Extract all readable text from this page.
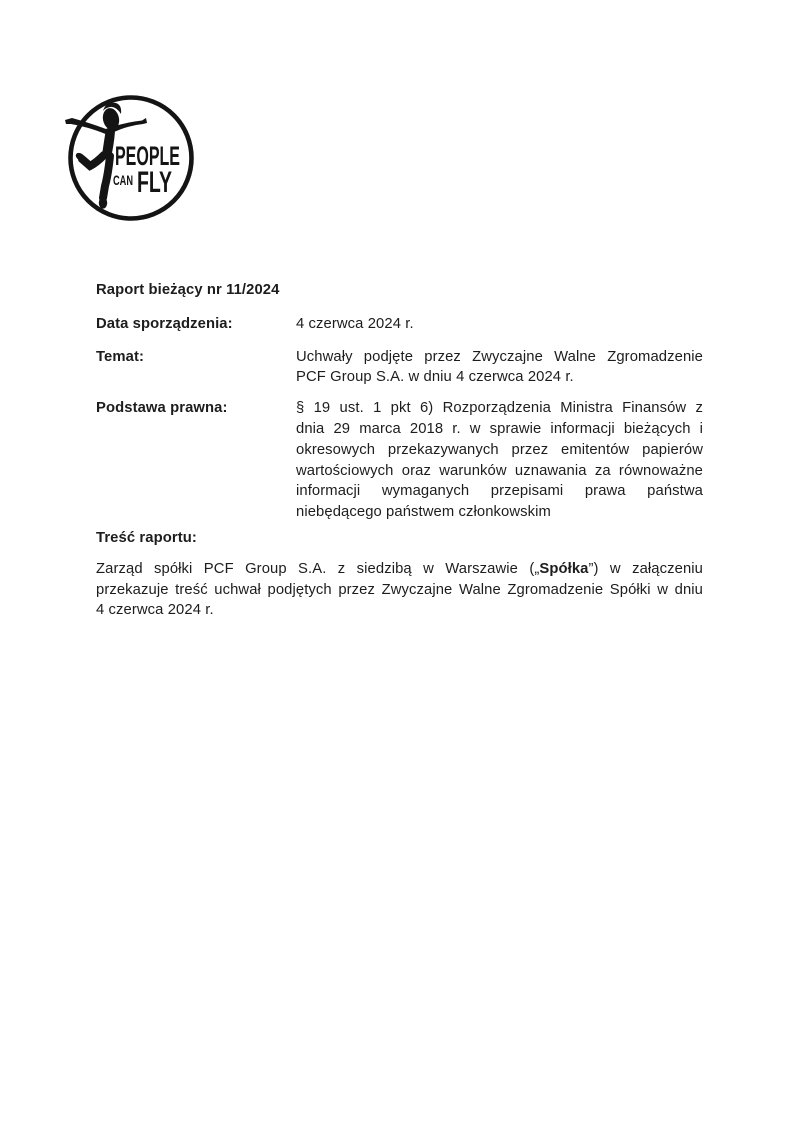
PEOPLE
CAN FLY
Raport bieżący nr 11/2024
Data sporządzenia:	4 czerwca 2024 r.
Temat:	Uchwały podjęte przez Zwyczajne Walne Zgromadzenie
PCF Group S.A. w dniu 4 czerwca 2024 r.
Podstawa prawna:	§ 19 ust. 1 pkt 6) Rozporządzenia Ministra Finansów z
dnia 29 marca 2018 r. w sprawie informacji bieżących i
okresowych przekazywanych przez emitentów papierów
wartościowych oraz warunków uznawania za równoważne
informacji wymaganych przepisami prawa państwa
niebędącego państwem członkowskim
Treść raportu:
Zarząd spółki PCF Group S.A. z siedzibą w Warszawie („Spółka”) w załączeniu
przekazuje treść uchwał podjętych przez Zwyczajne Walne Zgromadzenie Spółki w dniu
4 czerwca 2024 r.
